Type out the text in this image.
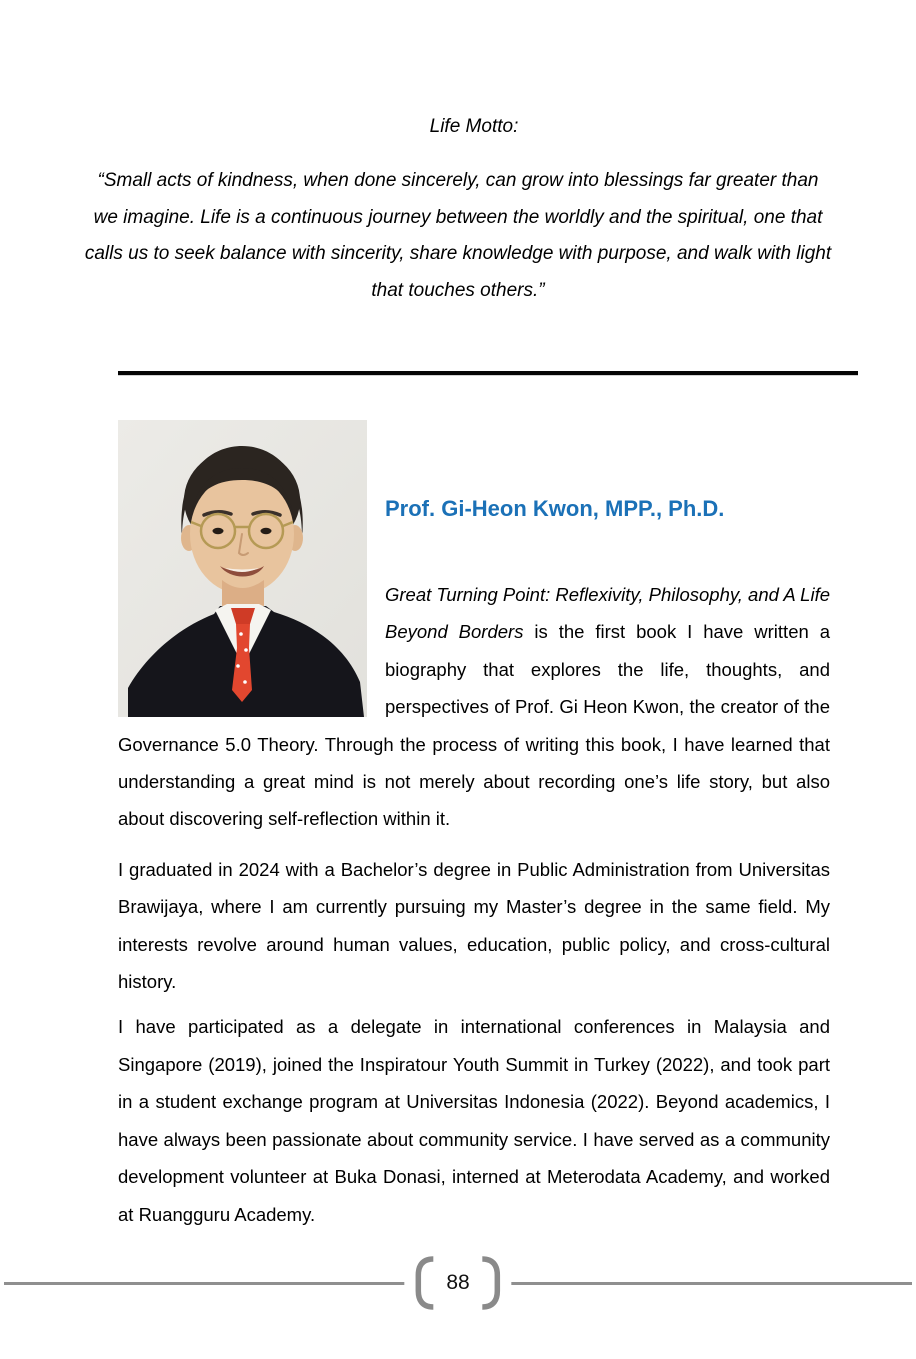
Life Motto:
“Small acts of kindness, when done sincerely, can grow into blessings far greater than we imagine. Life is a continuous journey between the worldly and the spiritual, one that calls us to seek balance with sincerity, share knowledge with purpose, and walk with light that touches others.”
Prof. Gi-Heon Kwon, MPP., Ph.D.

Great Turning Point: Reflexivity, Philosophy, and A Life Beyond Borders is the first book I have written a biography that explores the life, thoughts, and perspectives of Prof. Gi Heon Kwon, the creator of the Governance 5.0 Theory. Through the process of writing this book, I have learned that understanding a great mind is not merely about recording one’s life story, but also about discovering self-reflection within it.

I graduated in 2024 with a Bachelor’s degree in Public Administration from Universitas Brawijaya, where I am currently pursuing my Master’s degree in the same field. My interests revolve around human values, education, public policy, and cross-cultural history.

I have participated as a delegate in international conferences in Malaysia and Singapore (2019), joined the Inspiratour Youth Summit in Turkey (2022), and took part in a student exchange program at Universitas Indonesia (2022). Beyond academics, I have always been passionate about community service. I have served as a community development volunteer at Buka Donasi, interned at Meterodata Academy, and worked at Ruangguru Academy.

88
